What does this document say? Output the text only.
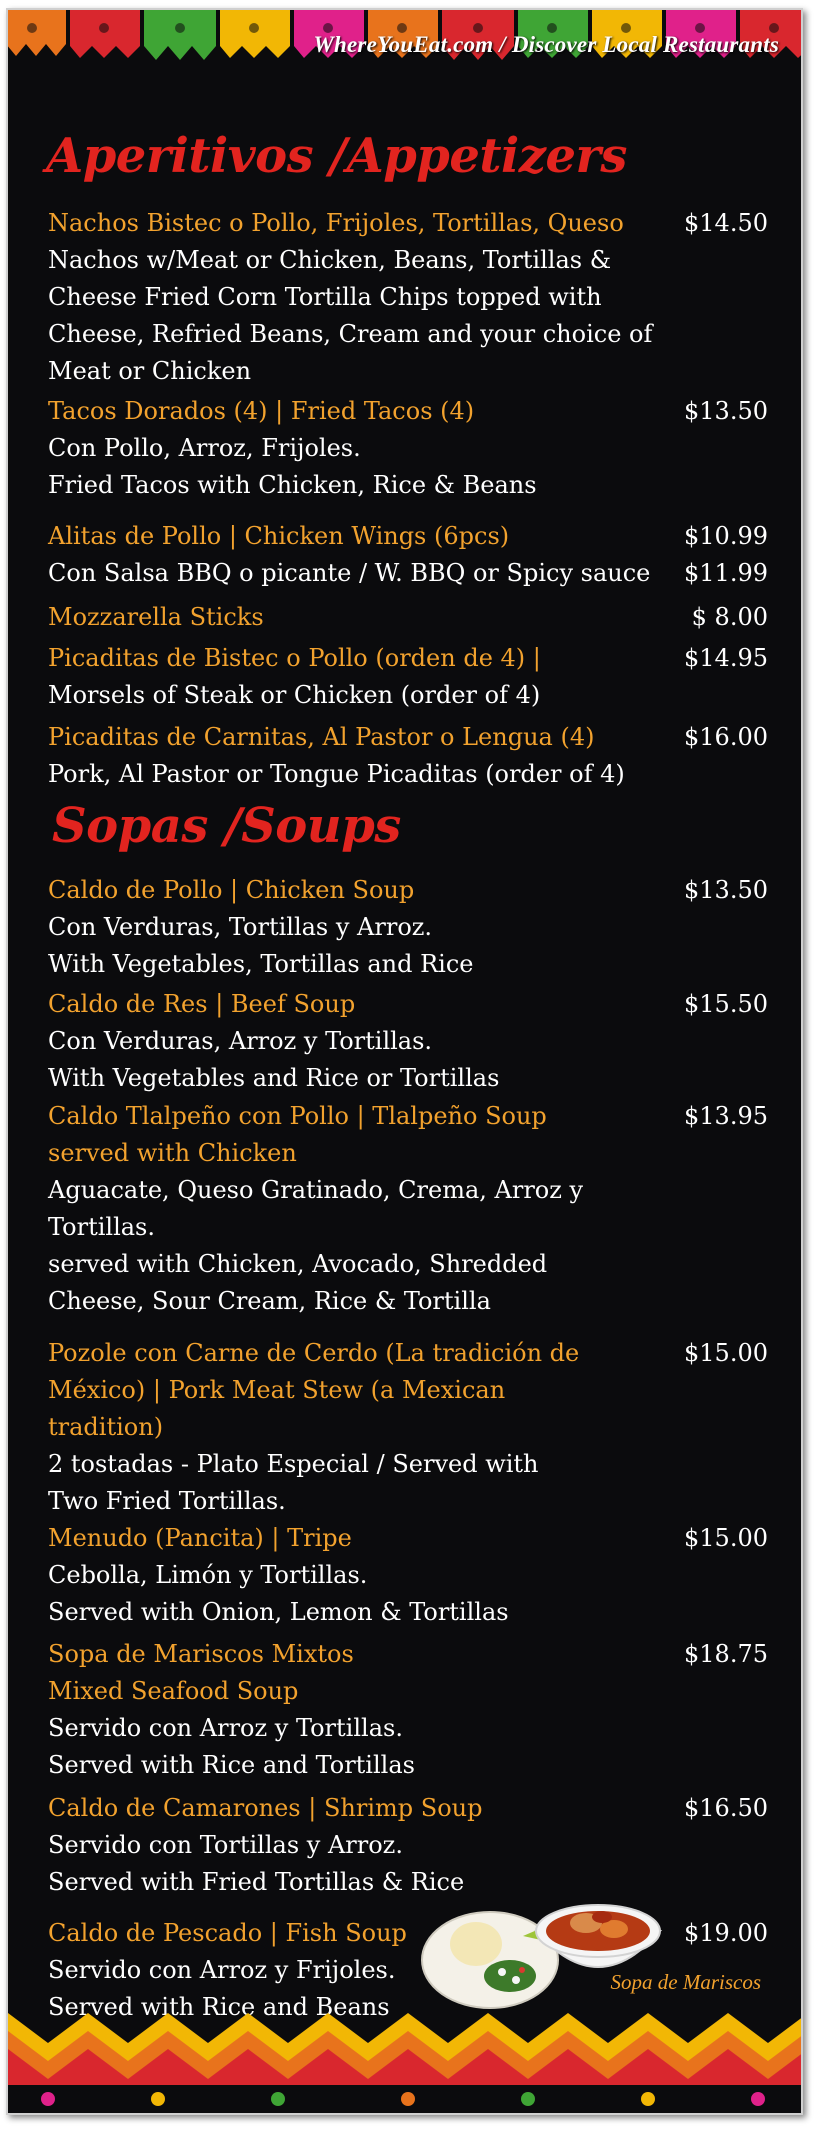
WhereYouEat.com / Discover Local Restaurants
Aperitivos /Appetizers
Nachos Bistec o Pollo, Frijoles, Tortillas, Queso
Nachos w/Meat or Chicken, Beans, Tortillas & Cheese Fried Corn Tortilla Chips topped with Cheese, Refried Beans, Cream and your choice of Meat or Chicken
$14.50
Tacos Dorados (4) | Fried Tacos (4)
Con Pollo, Arroz, Frijoles.
Fried Tacos with Chicken, Rice & Beans
$13.50
Alitas de Pollo | Chicken Wings (6pcs)
Con Salsa BBQ o picante / W. BBQ or Spicy sauce
$10.99
$11.99
Mozzarella Sticks	$ 8.00
Picaditas de Bistec o Pollo (orden de 4) |
Morsels of Steak or Chicken (order of 4)
$14.95
Picaditas de Carnitas, Al Pastor o Lengua (4)
Pork, Al Pastor or Tongue Picaditas (order of 4)
$16.00
Sopas /Soups
Caldo de Pollo | Chicken Soup
Con Verduras, Tortillas y Arroz.
With Vegetables, Tortillas and Rice
$13.50
Caldo de Res | Beef Soup
Con Verduras, Arroz y Tortillas.
With Vegetables and Rice or Tortillas
$15.50
Caldo Tlalpeño con Pollo | Tlalpeño Soup served with Chicken
Aguacate, Queso Gratinado, Crema, Arroz y Tortillas.
served with Chicken, Avocado, Shredded Cheese, Sour Cream, Rice & Tortilla
$13.95
Pozole con Carne de Cerdo (La tradición de México) | Pork Meat Stew (a Mexican tradition)
2 tostadas - Plato Especial / Served with Two Fried Tortillas.
$15.00
Menudo (Pancita) | Tripe
Cebolla, Limón y Tortillas.
Served with Onion, Lemon & Tortillas
$15.00
Sopa de Mariscos Mixtos
Mixed Seafood Soup
Servido con Arroz y Tortillas.
Served with Rice and Tortillas
$18.75
Caldo de Camarones | Shrimp Soup
Servido con Tortillas y Arroz.
Served with Fried Tortillas & Rice
$16.50
Caldo de Pescado | Fish Soup
Servido con Arroz y Frijoles.
Served with Rice and Beans
$19.00
Sopa de Mariscos
